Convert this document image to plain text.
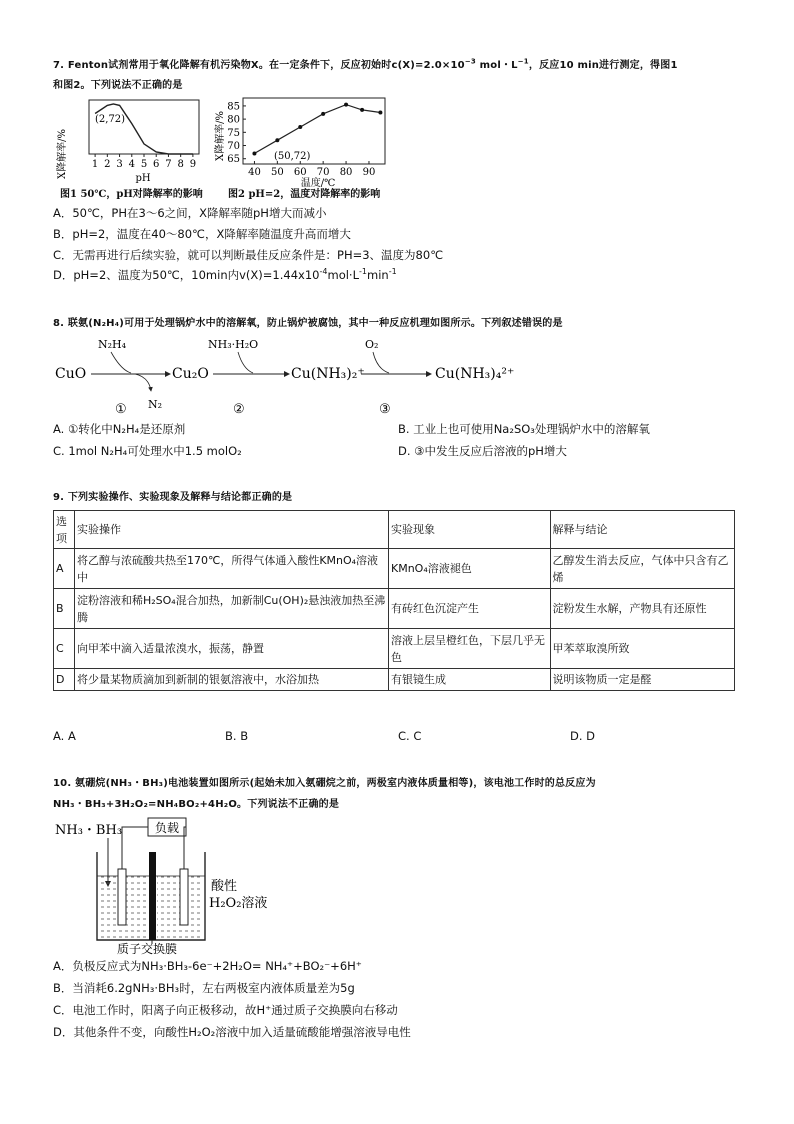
7. Fenton试剂常用于氧化降解有机污染物X。在一定条件下，反应初始时$c(X)=2.0\times 10^{-3}$ mol・$L^{-1}$，反应10 min进行测定，得图1
和图2。下列说法不正确的是
X降解率/%
(2,72)
1 2 3 4 5 6 7 8 9
pH
图1 50℃，pH对降解率的影响
X降解率/% 65
70
75
80
85
40 50 60 70 80 90
(50,72)
温度/℃
图2 pH=2，温度对降解率的影响
A．50℃，PH在3～6之间，X降解率随pH增大而减小
B．pH=2，温度在40～80℃，X降解率随温度升高而增大
C．无需再进行后续实验，就可以判断最佳反应条件是：PH=3、温度为80℃
D．pH=2、温度为50℃，10min内$v(X)=1.44x10^{-4}mol\cdot L^{-1}\min^{-1}$
8. 联氨(N₂H₄)可用于处理锅炉水中的溶解氧，防止锅炉被腐蚀，其中一种反应机理如图所示。下列叙述错误的是
CuO
N₂H₄
N₂
Cu₂O
NH₃·H₂O
Cu(NH₃)₂⁺
O₂
Cu(NH₃)₄²⁺
①	②	③
A. ①转化中N₂H₄是还原剂	B. 工业上也可使用Na₂SO₃处理锅炉水中的溶解氧
C. 1mol N₂H₄可处理水中1.5 molO₂	D. ③中发生反应后溶液的pH增大
9. 下列实验操作、实验现象及解释与结论都正确的是
选项	实验操作	实验现象	解释与结论
A	将乙醇与浓硫酸共热至170℃，所得气体通入酸性KMnO₄溶液中	KMnO₄溶液褪色	乙醇发生消去反应，气体中只含有乙烯
B	淀粉溶液和稀H₂SO₄混合加热，加新制Cu(OH)₂悬浊液加热至沸腾	有砖红色沉淀产生	淀粉发生水解，产物具有还原性
C	向甲苯中滴入适量浓溴水，振荡，静置	溶液上层呈橙红色，下层几乎无色	甲苯萃取溴所致
D	将少量某物质滴加到新制的银氨溶液中，水浴加热	有银镜生成	说明该物质一定是醛
A. A	B. B	C. C	D. D
10. 氨硼烷(NH₃・BH₃)电池装置如图所示(起始未加入氨硼烷之前，两极室内液体质量相等)，该电池工作时的总反应为
NH₃・BH₃+3H₂O₂=NH₄BO₂+4H₂O。下列说法不正确的是
NH₃・BH₃	负载
酸性
H₂O₂溶液
质子交换膜
A．负极反应式为NH₃·BH₃-6e⁻+2H₂O= NH₄⁺+BO₂⁻+6H⁺
B．当消耗6.2gNH₃·BH₃时，左右两极室内液体质量差为5g
C．电池工作时，阳离子向正极移动，故H⁺通过质子交换膜向右移动
D．其他条件不变，向酸性H₂O₂溶液中加入适量硫酸能增强溶液导电性
